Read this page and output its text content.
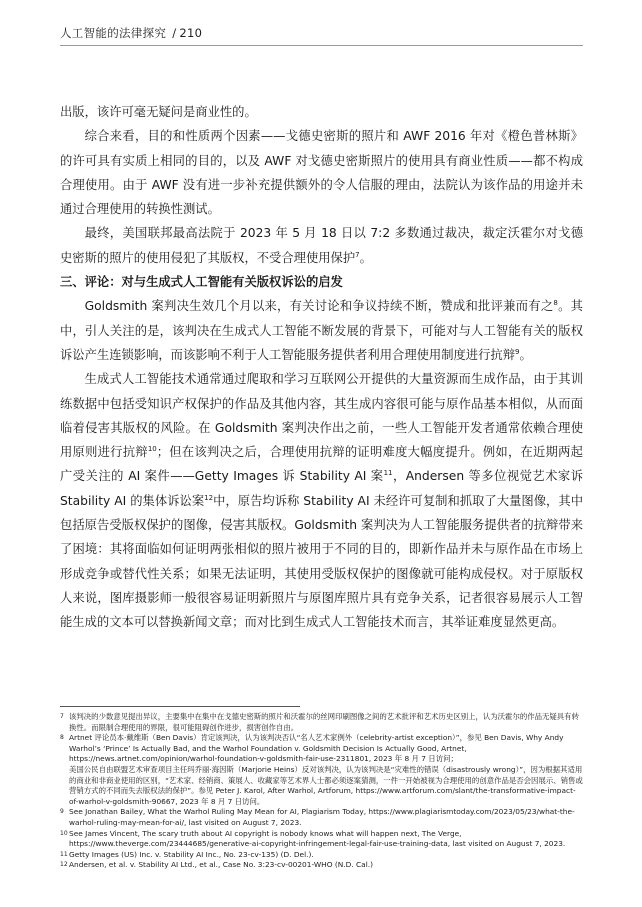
人工智能的法律探究 / 210

出版，该许可毫无疑问是商业性的。

综合来看，目的和性质两个因素——戈德史密斯的照片和 AWF 2016 年对《橙色普林斯》的许可具有实质上相同的目的，以及 AWF 对戈德史密斯照片的使用具有商业性质——都不构成合理使用。由于 AWF 没有进一步补充提供额外的令人信服的理由，法院认为该作品的用途并未通过合理使用的转换性测试。

最终，美国联邦最高法院于 2023 年 5 月 18 日以 7:2 多数通过裁决，裁定沃霍尔对戈德史密斯的照片的使用侵犯了其版权，不受合理使用保护$^7$。

三、评论：对与生成式人工智能有关版权诉讼的启发

Goldsmith 案判决生效几个月以来，有关讨论和争议持续不断，赞成和批评兼而有之$^8$。其中，引人关注的是，该判决在生成式人工智能不断发展的背景下，可能对与人工智能有关的版权诉讼产生连锁影响，而该影响不利于人工智能服务提供者利用合理使用制度进行抗辩$^9$。

生成式人工智能技术通常通过爬取和学习互联网公开提供的大量资源而生成作品，由于其训练数据中包括受知识产权保护的作品及其他内容，其生成内容很可能与原作品基本相似，从而面临着侵害其版权的风险。在 Goldsmith 案判决作出之前，一些人工智能开发者通常依赖合理使用原则进行抗辩$^{10}$；但在该判决之后，合理使用抗辩的证明难度大幅度提升。例如，在近期两起广受关注的 AI 案件——Getty Images 诉 Stability AI 案$^{11}$，Andersen 等多位视觉艺术家诉 Stability AI 的集体诉讼案$^{12}$中，原告均诉称 Stability AI 未经许可复制和抓取了大量图像，其中包括原告受版权保护的图像，侵害其版权。Goldsmith 案判决为人工智能服务提供者的抗辩带来了困境：其将面临如何证明两张相似的照片被用于不同的目的，即新作品并未与原作品在市场上形成竞争或替代性关系；如果无法证明，其使用受版权保护的图像就可能构成侵权。对于原版权人来说，图库摄影师一般很容易证明新照片与原图库照片具有竞争关系，记者很容易展示人工智能生成的文本可以替换新闻文章；而对比到生成式人工智能技术而言，其举证难度显然更高。

7 该判决的少数意见提出异议，主要集中在集中在戈德史密斯的照片和沃霍尔的丝网印刷图像之间的艺术批评和艺术历史区别上，认为沃霍尔的作品无疑具有转换性。而限制合理使用的界限，很可能阻碍创作进步，损害创作自由。
8 Artnet 评论员本·戴维斯（Ben Davis）肯定该判决，认为该判决否认“名人艺术家例外（celebrity-artist exception）”，参见 Ben Davis, Why Andy Warhol’s ‘Prince’ Is Actually Bad, and the Warhol Foundation v. Goldsmith Decision Is Actually Good, Artnet, https://news.artnet.com/opinion/warhol-foundation-v-goldsmith-fair-use-2311801, 2023 年 8 月 7 日访问；
美国公民自由联盟艺术审查项目主任玛乔丽·海因斯（Marjorie Heins）反对该判决，认为该判决是“灾难性的错误（disastrously wrong）”，因为根据其适用的商业和非商业使用的区别，“艺术家、经销商、策展人、收藏家等艺术界人士都必须逐案猜测，一件一开始被视为合理使用的创意作品是否会因展示、销售或营销方式的不同而失去版权法的保护”。参见 Peter J. Karol, After Warhol, Artforum, https://www.artforum.com/slant/the-transformative-impact-of-warhol-v-goldsmith-90667, 2023 年 8 月 7 日访问。
9 See Jonathan Bailey, What the Warhol Ruling May Mean for AI, Plagiarism Today, https://www.plagiarismtoday.com/2023/05/23/what-the-warhol-ruling-may-mean-for-ai/, last visited on August 7, 2023.
10 See James Vincent, The scary truth about AI copyright is nobody knows what will happen next, The Verge, https://www.theverge.com/23444685/generative-ai-copyright-infringement-legal-fair-use-training-data, last visited on August 7, 2023.
11 Getty Images (US) Inc. v. Stability AI Inc., No. 23-cv-135) (D. Del.).
12 Andersen, et al. v. Stability AI Ltd., et al., Case No. 3:23-cv-00201-WHO (N.D. Cal.)
